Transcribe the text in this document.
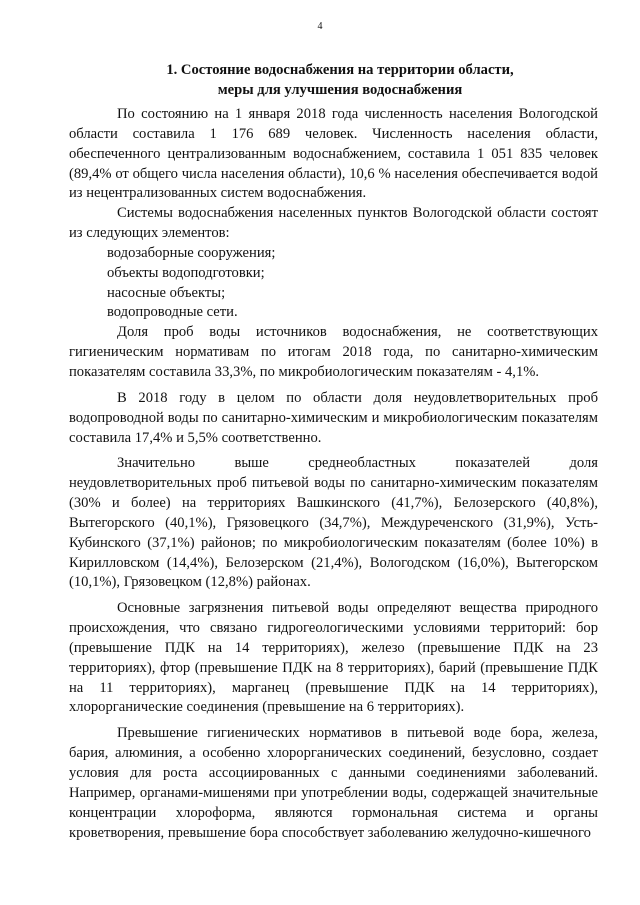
4
1. Состояние водоснабжения на территории области,
меры для улучшения водоснабжения

По состоянию на 1 января 2018 года численность населения Вологодской области составила 1 176 689 человек. Численность населения области, обеспеченного централизованным водоснабжением, составила 1 051 835 человек (89,4% от общего числа населения области), 10,6 % населения обеспечивается водой из нецентрализованных систем водоснабжения.

Системы водоснабжения населенных пунктов Вологодской области состоят из следующих элементов:

водозаборные сооружения;

объекты водоподготовки;

насосные объекты;

водопроводные сети.

Доля проб воды источников водоснабжения, не соответствующих гигиеническим нормативам по итогам 2018 года, по санитарно-химическим показателям составила 33,3%, по микробиологическим показателям - 4,1%.

В 2018 году в целом по области доля неудовлетворительных проб водопроводной воды по санитарно-химическим и микробиологическим показателям составила 17,4% и 5,5% соответственно.

Значительно выше среднеобластных показателей доля неудовлетворительных проб питьевой воды по санитарно-химическим показателям (30% и более) на территориях Вашкинского (41,7%), Белозерского (40,8%), Вытегорского (40,1%), Грязовецкого (34,7%), Междуреченского (31,9%), Усть-Кубинского (37,1%) районов; по микробиологическим показателям (более 10%) в Кирилловском (14,4%), Белозерском (21,4%), Вологодском (16,0%), Вытегорском (10,1%), Грязовецком (12,8%) районах.

Основные загрязнения питьевой воды определяют вещества природного происхождения, что связано гидрогеологическими условиями территорий: бор (превышение ПДК на 14 территориях), железо (превышение ПДК на 23 территориях), фтор (превышение ПДК на 8 территориях), барий (превышение ПДК на 11 территориях), марганец (превышение ПДК на 14 территориях), хлорорганические соединения (превышение на 6 территориях).

Превышение гигиенических нормативов в питьевой воде бора, железа, бария, алюминия, а особенно хлорорганических соединений, безусловно, создает условия для роста ассоциированных с данными соединениями заболеваний. Например, органами-мишенями при употреблении воды, содержащей значительные концентрации хлороформа, являются гормональная система и органы кроветворения, превышение бора способствует заболеванию желудочно-кишечного
